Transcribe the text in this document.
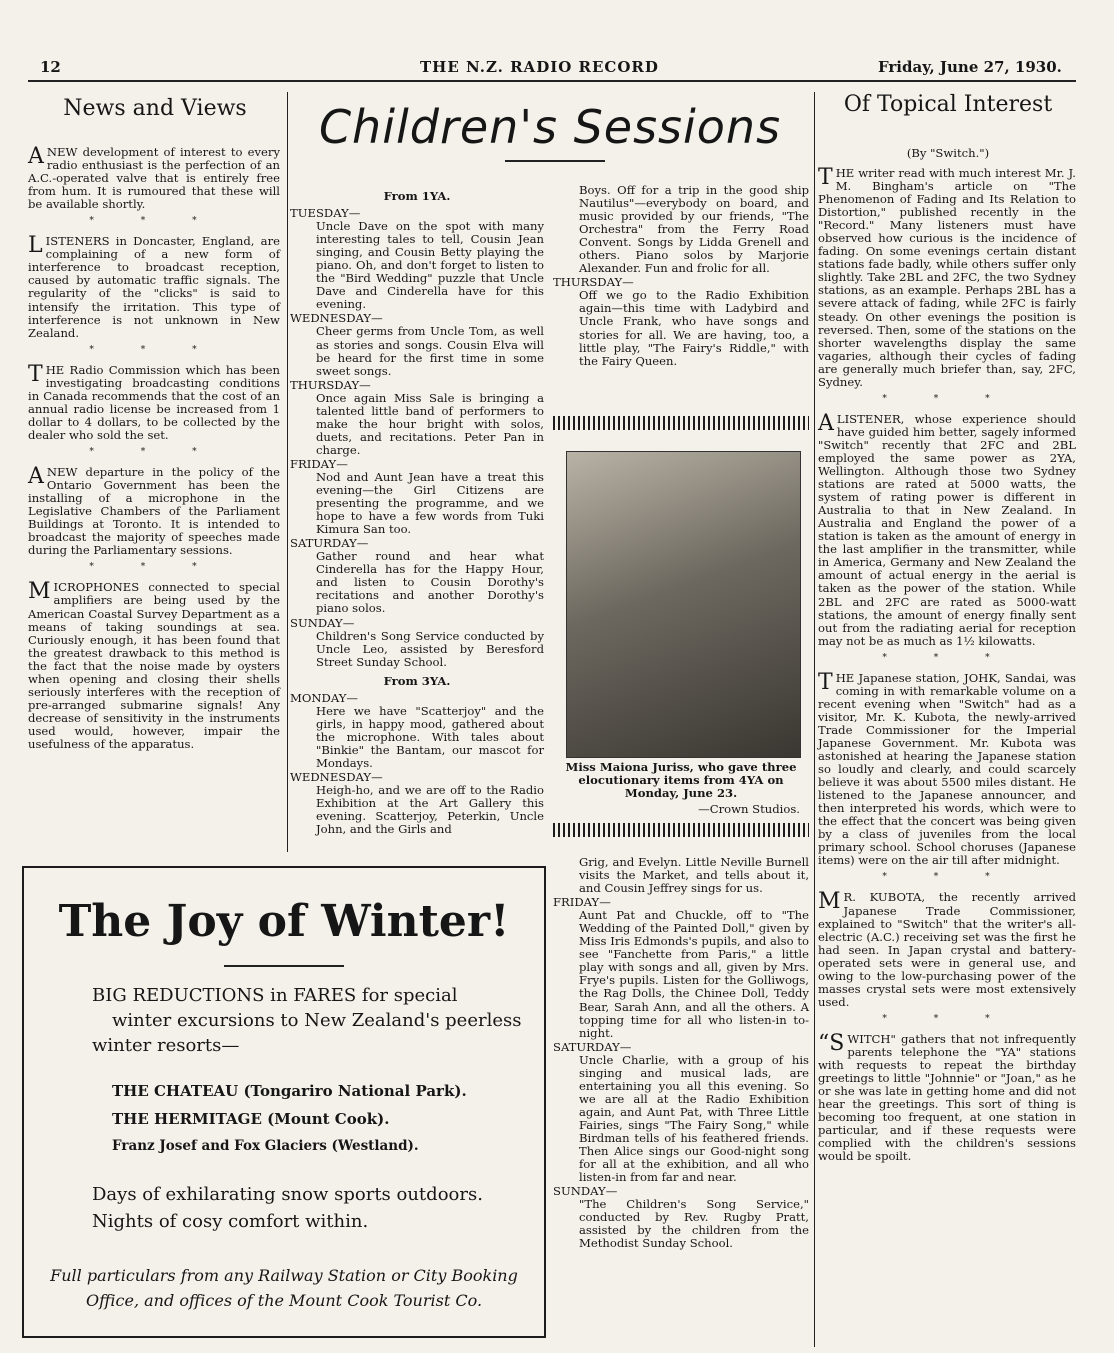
12	THE N.Z. RADIO RECORD	Friday, June 27, 1930.
News and Views

ANEW development of interest to every radio enthusiast is the perfection of an A.C.-operated valve that is entirely free from hum. It is rumoured that these will be available shortly.

* * *

LISTENERS in Doncaster, England, are complaining of a new form of interference to broadcast reception, caused by automatic traffic signals. The regularity of the "clicks" is said to intensify the irritation. This type of interference is not unknown in New Zealand.

* * *

THE Radio Commission which has been investigating broadcasting conditions in Canada recommends that the cost of an annual radio license be increased from 1 dollar to 4 dollars, to be collected by the dealer who sold the set.

* * *

ANEW departure in the policy of the Ontario Government has been the installing of a microphone in the Legislative Chambers of the Parliament Buildings at Toronto. It is intended to broadcast the majority of speeches made during the Parliamentary sessions.

* * *

MICROPHONES connected to special amplifiers are being used by the American Coastal Survey Department as a means of taking soundings at sea. Curiously enough, it has been found that the greatest drawback to this method is the fact that the noise made by oysters when opening and closing their shells seriously interferes with the reception of pre-arranged submarine signals! Any decrease of sensitivity in the instruments used would, however, impair the usefulness of the apparatus.

Children's Sessions
From 1YA.
TUESDAY—
Uncle Dave on the spot with many interesting tales to tell, Cousin Jean singing, and Cousin Betty playing the piano. Oh, and don't forget to listen to the "Bird Wedding" puzzle that Uncle Dave and Cinderella have for this evening.
WEDNESDAY—
Cheer germs from Uncle Tom, as well as stories and songs. Cousin Elva will be heard for the first time in some sweet songs.
THURSDAY—
Once again Miss Sale is bringing a talented little band of performers to make the hour bright with solos, duets, and recitations. Peter Pan in charge.
FRIDAY—
Nod and Aunt Jean have a treat this evening—the Girl Citizens are presenting the programme, and we hope to have a few words from Tuki Kimura San too.
SATURDAY—
Gather round and hear what Cinderella has for the Happy Hour, and listen to Cousin Dorothy's recitations and another Dorothy's piano solos.
SUNDAY—
Children's Song Service conducted by Uncle Leo, assisted by Beresford Street Sunday School.
From 3YA.
MONDAY—
Here we have "Scatterjoy" and the girls, in happy mood, gathered about the microphone. With tales about "Binkie" the Bantam, our mascot for Mondays.
WEDNESDAY—
Heigh-ho, and we are off to the Radio Exhibition at the Art Gallery this evening. Scatterjoy, Peterkin, Uncle John, and the Girls and
Boys. Off for a trip in the good ship Nautilus"—everybody on board, and music provided by our friends, "The Orchestra" from the Ferry Road Convent. Songs by Lidda Grenell and others. Piano solos by Marjorie Alexander. Fun and frolic for all.
THURSDAY—
Off we go to the Radio Exhibition again—this time with Ladybird and Uncle Frank, who have songs and stories for all. We are having, too, a little play, "The Fairy's Riddle," with the Fairy Queen.
Miss Maiona Juriss, who gave three elocutionary items from 4YA on Monday, June 23.
—Crown Studios.
Grig, and Evelyn. Little Neville Burnell visits the Market, and tells about it, and Cousin Jeffrey sings for us.
FRIDAY—
Aunt Pat and Chuckle, off to "The Wedding of the Painted Doll," given by Miss Iris Edmonds's pupils, and also to see "Fanchette from Paris," a little play with songs and all, given by Mrs. Frye's pupils. Listen for the Golliwogs, the Rag Dolls, the Chinee Doll, Teddy Bear, Sarah Ann, and all the others. A topping time for all who listen-in to-night.
SATURDAY—
Uncle Charlie, with a group of his singing and musical lads, are entertaining you all this evening. So we are all at the Radio Exhibition again, and Aunt Pat, with Three Little Fairies, sings "The Fairy Song," while Birdman tells of his feathered friends. Then Alice sings our Good-night song for all at the exhibition, and all who listen-in from far and near.
SUNDAY—
"The Children's Song Service," conducted by Rev. Rugby Pratt, assisted by the children from the Methodist Sunday School.
Of Topical Interest
(By "Switch.")

THE writer read with much interest Mr. J. M. Bingham's article on "The Phenomenon of Fading and Its Relation to Distortion," published recently in the "Record." Many listeners must have observed how curious is the incidence of fading. On some evenings certain distant stations fade badly, while others suffer only slightly. Take 2BL and 2FC, the two Sydney stations, as an example. Perhaps 2BL has a severe attack of fading, while 2FC is fairly steady. On other evenings the position is reversed. Then, some of the stations on the shorter wavelengths display the same vagaries, although their cycles of fading are generally much briefer than, say, 2FC, Sydney.

* * *

ALISTENER, whose experience should have guided him better, sagely informed "Switch" recently that 2FC and 2BL employed the same power as 2YA, Wellington. Although those two Sydney stations are rated at 5000 watts, the system of rating power is different in Australia to that in New Zealand. In Australia and England the power of a station is taken as the amount of energy in the last amplifier in the transmitter, while in America, Germany and New Zealand the amount of actual energy in the aerial is taken as the power of the station. While 2BL and 2FC are rated as 5000-watt stations, the amount of energy finally sent out from the radiating aerial for reception may not be as much as 1½ kilowatts.

* * *

THE Japanese station, JOHK, Sandai, was coming in with remarkable volume on a recent evening when "Switch" had as a visitor, Mr. K. Kubota, the newly-arrived Trade Commissioner for the Imperial Japanese Government. Mr. Kubota was astonished at hearing the Japanese station so loudly and clearly, and could scarcely believe it was about 5500 miles distant. He listened to the Japanese announcer, and then interpreted his words, which were to the effect that the concert was being given by a class of juveniles from the local primary school. School choruses (Japanese items) were on the air till after midnight.

* * *

M R. KUBOTA, the recently arrived Japanese Trade Commissioner, explained to "Switch" that the writer's all-electric (A.C.) receiving set was the first he had seen. In Japan crystal and battery-operated sets were in general use, and owing to the low-purchasing power of the masses crystal sets were most extensively used.

* * *

“SWITCH" gathers that not infrequently parents telephone the "YA" stations with requests to repeat the birthday greetings to little "Johnnie" or "Joan," as he or she was late in getting home and did not hear the greetings. This sort of thing is becoming too frequent, at one station in particular, and if these requests were complied with the children's sessions would be spoilt.

The Joy of Winter!
BIG REDUCTIONS in FARES for special
winter excursions to New Zealand's peerless
winter resorts—
THE CHATEAU (Tongariro National Park).
THE HERMITAGE (Mount Cook).
Franz Josef and Fox Glaciers (Westland).
Days of exhilarating snow sports outdoors.
Nights of cosy comfort within.
Full particulars from any Railway Station or City Booking
Office, and offices of the Mount Cook Tourist Co.
